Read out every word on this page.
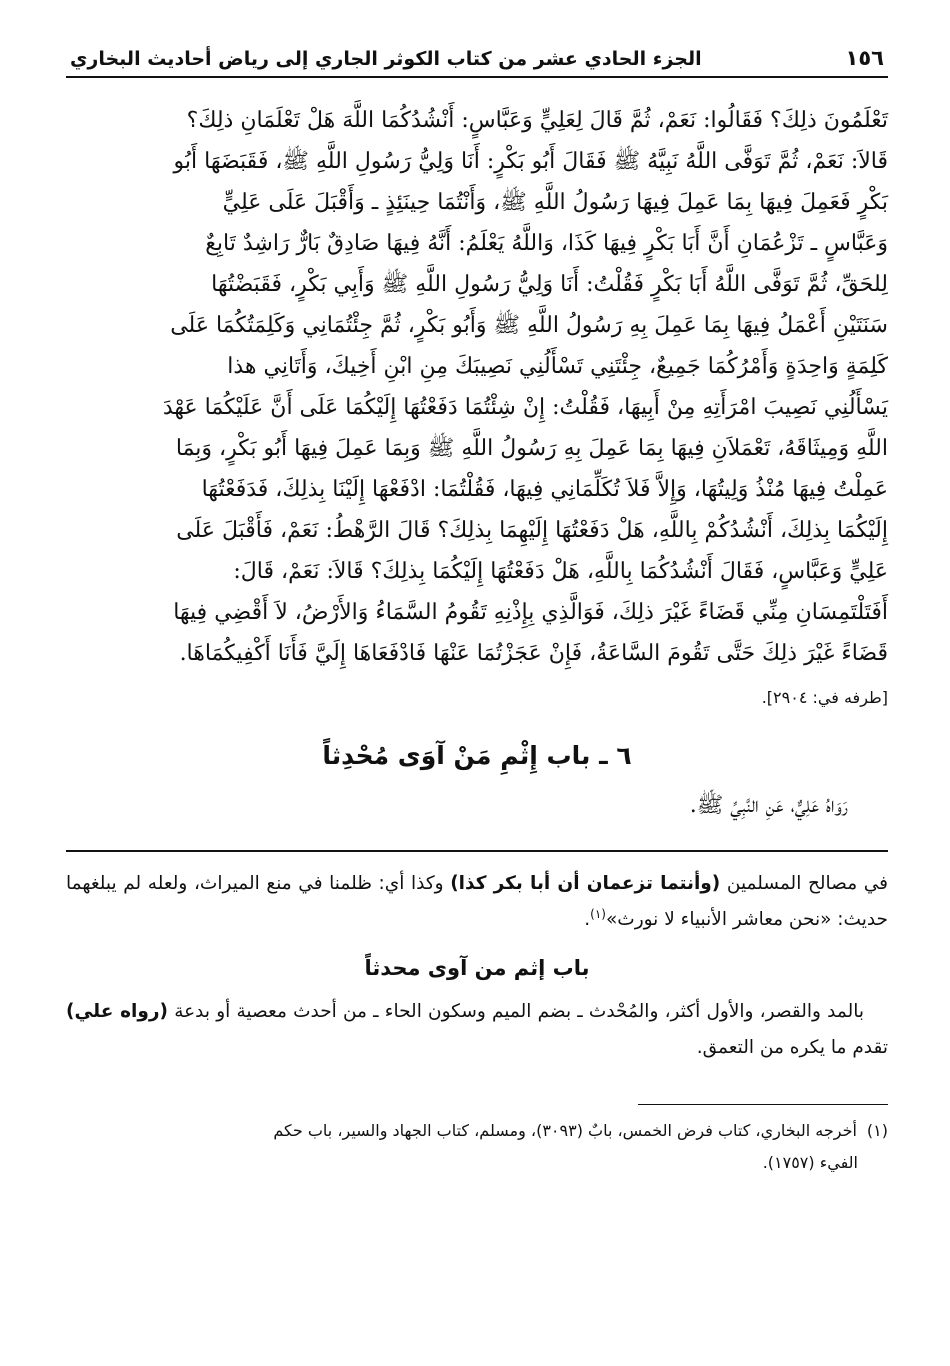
١٥٦
الجزء الحادي عشر من كتاب الكوثر الجاري إلى رياض أحاديث البخاري
تَعْلَمُونَ ذلِكَ؟ فَقَالُوا: نَعَمْ، ثُمَّ قَالَ لِعَلِيٍّ وَعَبَّاسٍ: أَنْشُدُكُمَا اللَّهَ هَلْ تَعْلَمَانِ ذلِكَ؟
قَالاَ: نَعَمْ، ثُمَّ تَوَفَّى اللَّهُ نَبِيَّهُ ﷺ فَقَالَ أَبُو بَكْرٍ: أَنَا وَلِيُّ رَسُولِ اللَّهِ ﷺ، فَقَبَضَهَا أَبُو
بَكْرٍ فَعَمِلَ فِيهَا بِمَا عَمِلَ فِيهَا رَسُولُ اللَّهِ ﷺ، وَأَنْتُمَا حِينَئِذٍ ـ وَأَقْبَلَ عَلَى عَلِيٍّ
وَعَبَّاسٍ ـ تَزْعُمَانِ أَنَّ أَبَا بَكْرٍ فِيهَا كَذَا، وَاللَّهُ يَعْلَمُ: أَنَّهُ فِيهَا صَادِقٌ بَارٌّ رَاشِدٌ تَابِعٌ
لِلحَقِّ، ثُمَّ تَوَفَّى اللَّهُ أَبَا بَكْرٍ فَقُلْتُ: أَنَا وَلِيُّ رَسُولِ اللَّهِ ﷺ وَأَبِي بَكْرٍ، فَقَبَضْتُهَا
سَنَتَيْنِ أَعْمَلُ فِيهَا بِمَا عَمِلَ بِهِ رَسُولُ اللَّهِ ﷺ وَأَبُو بَكْرٍ، ثُمَّ جِئْتُمَانِي وَكَلِمَتُكُمَا عَلَى
كَلِمَةٍ وَاحِدَةٍ وَأَمْرُكُمَا جَمِيعٌ، جِئْتَنِي تَسْأَلُنِي نَصِيبَكَ مِنِ ابْنِ أَخِيكَ، وَأَتَانِي هذا
يَسْأَلُنِي نَصِيبَ امْرَأَتِهِ مِنْ أَبِيهَا، فَقُلْتُ: إِنْ شِئْتُمَا دَفَعْتُهَا إِلَيْكُمَا عَلَى أَنَّ عَلَيْكُمَا عَهْدَ
اللَّهِ وَمِيثَاقَهُ، تَعْمَلاَنِ فِيهَا بِمَا عَمِلَ بِهِ رَسُولُ اللَّهِ ﷺ وَبِمَا عَمِلَ فِيهَا أَبُو بَكْرٍ، وَبِمَا
عَمِلْتُ فِيهَا مُنْذُ وَلِيتُهَا، وَإِلاَّ فَلاَ تُكَلِّمَانِي فِيهَا، فَقُلْتُمَا: ادْفَعْهَا إِلَيْنَا بِذلِكَ، فَدَفَعْتُهَا
إِلَيْكُمَا بِذلِكَ، أَنْشُدُكُمْ بِاللَّهِ، هَلْ دَفَعْتُهَا إِلَيْهِمَا بِذلِكَ؟ قَالَ الرَّهْطُ: نَعَمْ، فَأَقْبَلَ عَلَى
عَلِيٍّ وَعَبَّاسٍ، فَقَالَ أَنْشُدُكُمَا بِاللَّهِ، هَلْ دَفَعْتُهَا إِلَيْكُمَا بِذلِكَ؟ قَالاَ: نَعَمْ، قَالَ:
أَفَتَلْتَمِسَانِ مِنِّي قَضَاءً غَيْرَ ذلِكَ، فَوَالَّذِي بِإِذْنِهِ تَقُومُ السَّمَاءُ وَالأَرْضُ، لاَ أَقْضِي فِيهَا
قَضَاءً غَيْرَ ذلِكَ حَتَّى تَقُومَ السَّاعَةُ، فَإِنْ عَجَزْتُمَا عَنْهَا فَادْفَعَاهَا إِلَيَّ فَأَنَا أَكْفِيكُمَاهَا.
[طرفه في: ٢٩٠٤].
٦ ـ باب إِثْمِ مَنْ آوَى مُحْدِثاً
رَوَاهُ عَلِيٌّ، عَنِ النَّبِيِّ ﷺ.
في مصالح المسلمين (وأنتما تزعمان أن أبا بكر كذا) وكذا أي: ظلمنا في منع الميراث، ولعله لم يبلغهما حديث: «نحن معاشر الأنبياء لا نورث»$^{(١)}$.
باب إثم من آوى محدثاً
بالمد والقصر، والأول أكثر، والمُحْدث ـ بضم الميم وسكون الحاء ـ من أحدث معصية أو بدعة (رواه علي) تقدم ما يكره من التعمق.
(١)أخرجه البخاري، كتاب فرض الخمس، بابٌ (٣٠٩٣)، ومسلم، كتاب الجهاد والسير، باب حكم
الفيء (١٧٥٧).
